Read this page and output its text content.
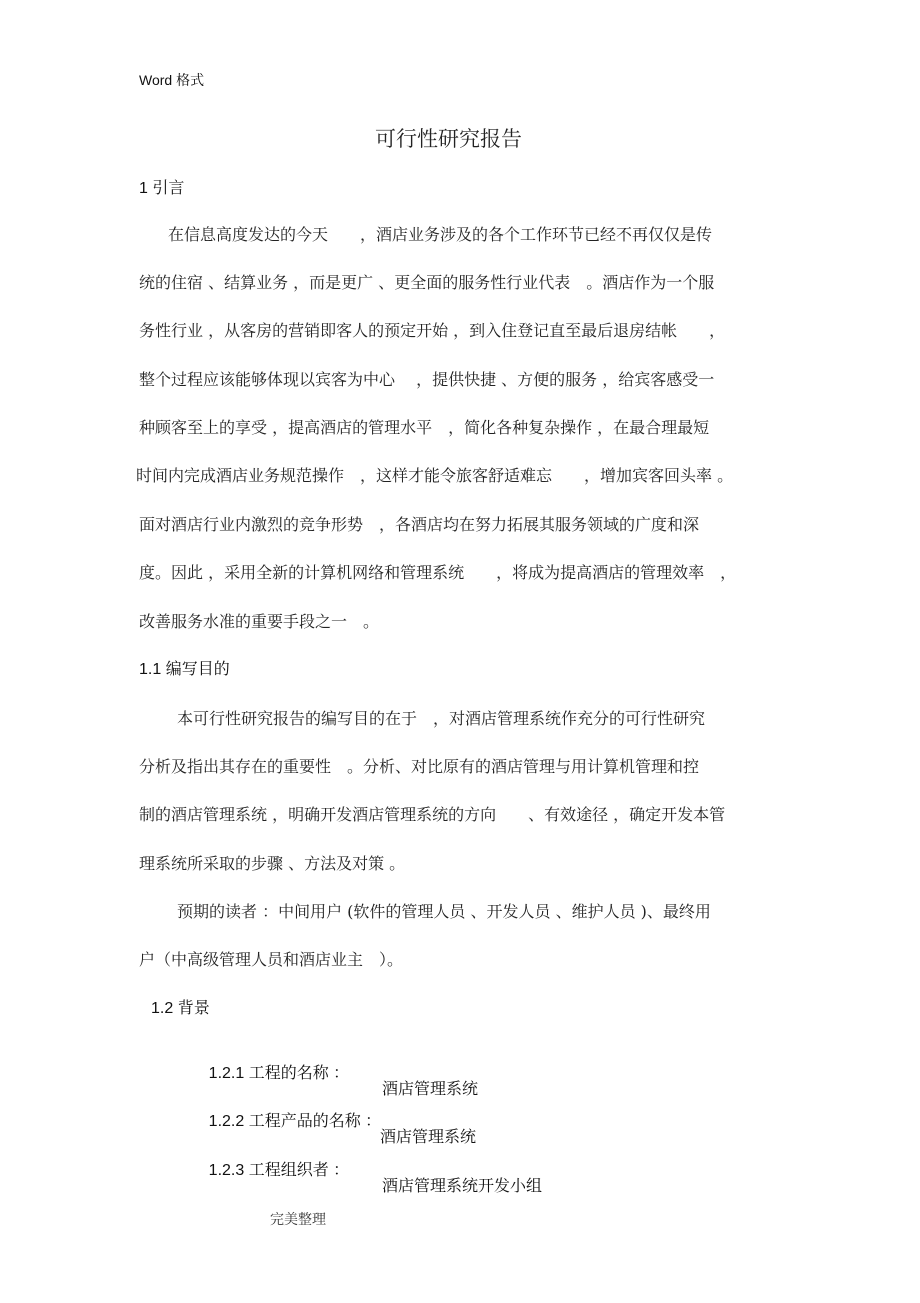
Word 格式
可行性研究报告
1 引言
在信息高度发达的今天　　，酒店业务涉及的各个工作环节已经不再仅仅是传
统的住宿 、结算业务 ，而是更广 、更全面的服务性行业代表　。酒店作为一个服
务性行业 ，从客房的营销即客人的预定开始 ，到入住登记直至最后退房结帐　　，
整个过程应该能够体现以宾客为中心　 ，提供快捷 、方便的服务 ，给宾客感受一
种顾客至上的享受 ，提高酒店的管理水平　，简化各种复杂操作 ，在最合理最短
时间内完成酒店业务规范操作　，这样才能令旅客舒适难忘　　，增加宾客回头率 。
面对酒店行业内激烈的竞争形势　，各酒店均在努力拓展其服务领域的广度和深
度。因此 ，采用全新的计算机网络和管理系统　　，将成为提高酒店的管理效率　，
改善服务水准的重要手段之一　。
1.1 编写目的
本可行性研究报告的编写目的在于　，对酒店管理系统作充分的可行性研究
分析及指出其存在的重要性　。分析、对比原有的酒店管理与用计算机管理和控
制的酒店管理系统 ，明确开发酒店管理系统的方向　　、有效途径 ，确定开发本管
理系统所采取的步骤 、方法及对策 。
预期的读者 ：中间用户 (软件的管理人员 、开发人员 、维护人员 )、最终用
户（中高级管理人员和酒店业主　）。
1.2 背景

1.2.1 工程的名称 ：

酒店管理系统

1.2.2 工程产品的名称 ：

酒店管理系统

1.2.3 工程组织者 ：

酒店管理系统开发小组

完美整理
